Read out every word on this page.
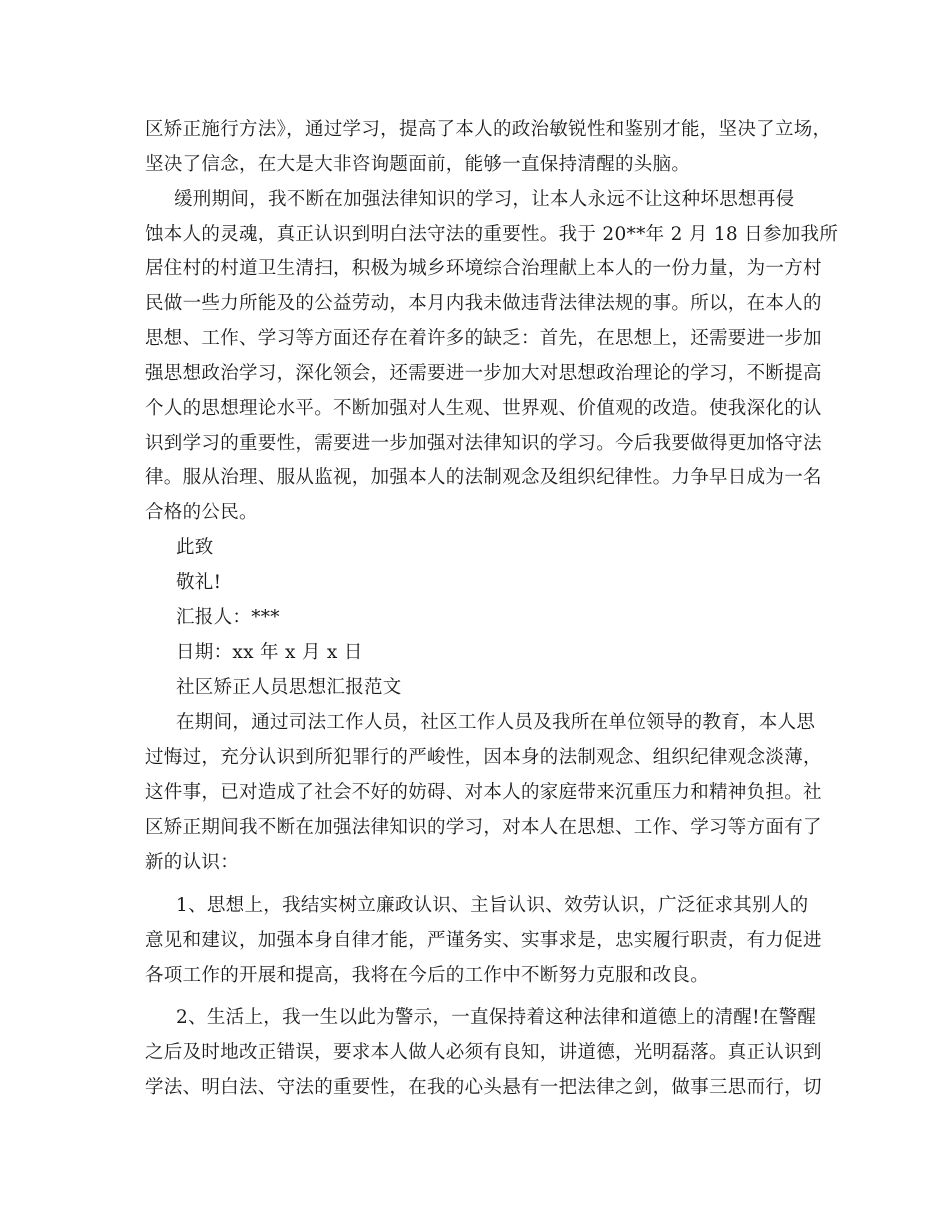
区矫正施行方法》，通过学习，提高了本人的政治敏锐性和鉴别才能，坚决了立场，
坚决了信念，在大是大非咨询题面前，能够一直保持清醒的头脑。
缓刑期间，我不断在加强法律知识的学习，让本人永远不让这种坏思想再侵
蚀本人的灵魂，真正认识到明白法守法的重要性。我于 20**年 2 月 18 日参加我所
居住村的村道卫生清扫，积极为城乡环境综合治理献上本人的一份力量，为一方村
民做一些力所能及的公益劳动，本月内我未做违背法律法规的事。所以，在本人的
思想、工作、学习等方面还存在着许多的缺乏：首先，在思想上，还需要进一步加
强思想政治学习，深化领会，还需要进一步加大对思想政治理论的学习，不断提高
个人的思想理论水平。不断加强对人生观、世界观、价值观的改造。使我深化的认
识到学习的重要性，需要进一步加强对法律知识的学习。今后我要做得更加恪守法
律。服从治理、服从监视，加强本人的法制观念及组织纪律性。力争早日成为一名
合格的公民。
此致
敬礼!
汇报人：***
日期：xx 年 x 月 x 日
社区矫正人员思想汇报范文
在期间，通过司法工作人员，社区工作人员及我所在单位领导的教育，本人思
过悔过，充分认识到所犯罪行的严峻性，因本身的法制观念、组织纪律观念淡薄，
这件事，已对造成了社会不好的妨碍、对本人的家庭带来沉重压力和精神负担。社
区矫正期间我不断在加强法律知识的学习，对本人在思想、工作、学习等方面有了
新的认识：
1、思想上，我结实树立廉政认识、主旨认识、效劳认识，广泛征求其别人的
意见和建议，加强本身自律才能，严谨务实、实事求是，忠实履行职责，有力促进
各项工作的开展和提高，我将在今后的工作中不断努力克服和改良。
2、生活上，我一生以此为警示，一直保持着这种法律和道德上的清醒!在警醒
之后及时地改正错误，要求本人做人必须有良知，讲道德，光明磊落。真正认识到
学法、明白法、守法的重要性，在我的心头悬有一把法律之剑，做事三思而行，切
